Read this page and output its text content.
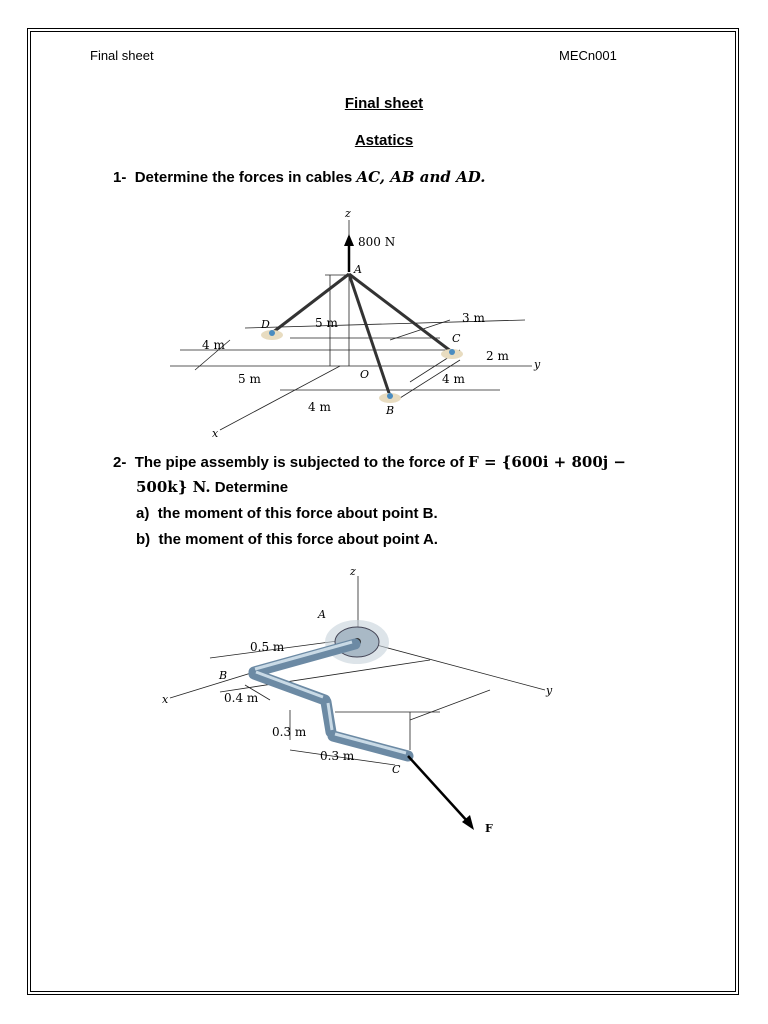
Final sheet	MECn001
Final sheet
Astatics
1- Determine the forces in cables AC, AB and AD.
z
800 N
A
D
C
B
O
y
x
5 m	3 m
2 m
4 m
5 m	4 m
4 m
2- The pipe assembly is subjected to the force of F = {600i + 800j −
500k} N. Determine
a) the moment of this force about point B.
b) the moment of this force about point A.
z
A
B
C
F
y
x
0.5 m
0.4 m
0.3 m
0.3 m
